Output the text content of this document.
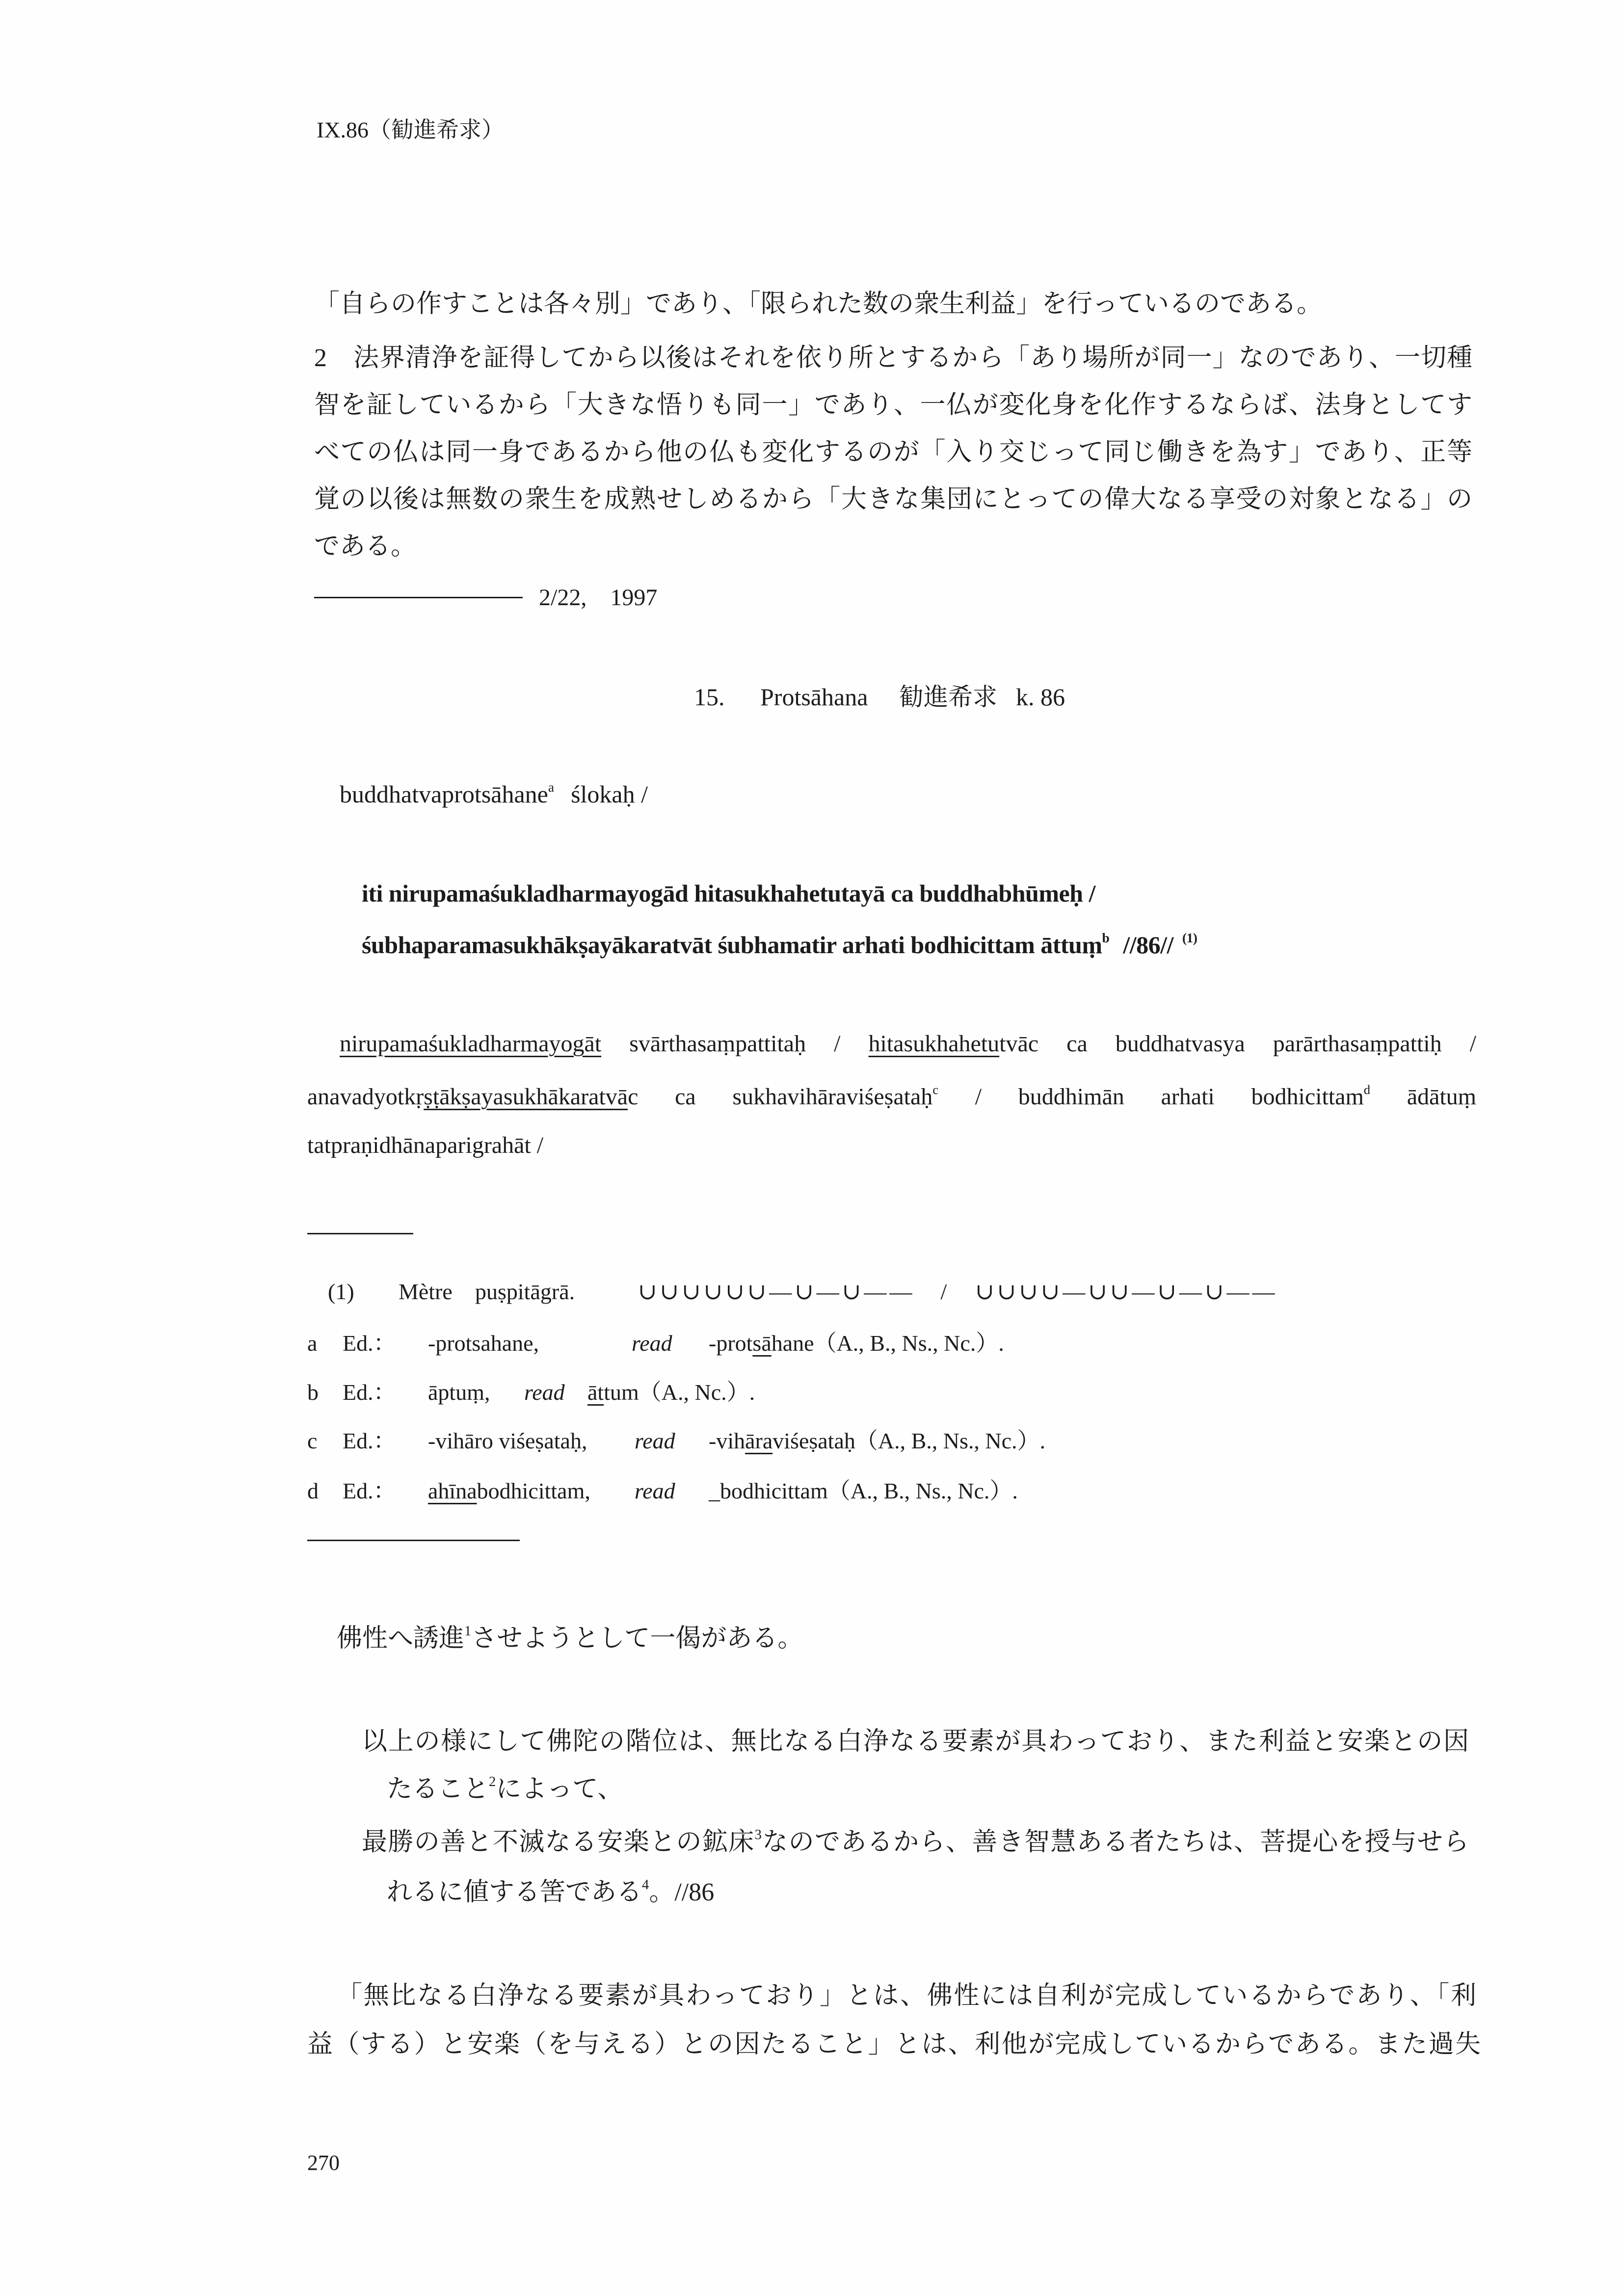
IX.86（勧進希求）
「自らの作すことは各々別」であり、「限られた数の衆生利益」を行っているのである。
2　法界清浄を証得してから以後はそれを依り所とするから「あり場所が同一」なのであり、一切種
智を証しているから「大きな悟りも同一」であり、一仏が変化身を化作するならば、法身としてす
べての仏は同一身であるから他の仏も変化するのが「入り交じって同じ働きを為す」であり、正等
覚の以後は無数の衆生を成熟せしめるから「大きな集団にとっての偉大なる享受の対象となる」の
である。
2/22,　1997
15. Protsāhana 勧進希求 k. 86
buddhatvaprotsāhane$^a$ ślokaḥ /
iti nirupamaśukladharmayogād hitasukhahetutayā ca buddhabhūmeḥ /
śubhaparamasukhākṣayākaratvāt śubhamatir arhati bodhicittam āttuṃ$^b$ //86// $^{(1)}$
nirupamaśukladharmayogāt svārthasaṃpattitaḥ / hitasukhahetutvāc ca buddhatvasya parārthasaṃpattiḥ /
anavadyotkṛṣṭākṣayasukhākaratvāc ca sukhavihāraviśeṣataḥ$^c$ / buddhimān arhati bodhicittam$^d$ ādātuṃ
tatpraṇidhānaparigrahāt /
(1) Mètre puṣpitāgrā.	∪∪∪∪∪∪—∪—∪——　/　∪∪∪∪—∪∪—∪—∪——
a Ed.： -protsahane,	read -protsāhane（A., B., Ns., Nc.）.
b Ed.： āptuṃ, read āttum（A., Nc.）.
c Ed.： -vihāro viśeṣataḥ, read -vihāraviśeṣataḥ（A., B., Ns., Nc.）.
d Ed.： ahīnabodhicittam, read _bodhicittam（A., B., Ns., Nc.）.
佛性へ誘進$^1$させようとして一偈がある。
以上の様にして佛陀の階位は、無比なる白浄なる要素が具わっており、また利益と安楽との因
たること$^2$によって、
最勝の善と不滅なる安楽との鉱床$^3$なのであるから、善き智慧ある者たちは、菩提心を授与せら
れるに値する筈である$^4$。//86
「無比なる白浄なる要素が具わっており」とは、佛性には自利が完成しているからであり、「利
益（する）と安楽（を与える）との因たること」とは、利他が完成しているからである。また過失
270
